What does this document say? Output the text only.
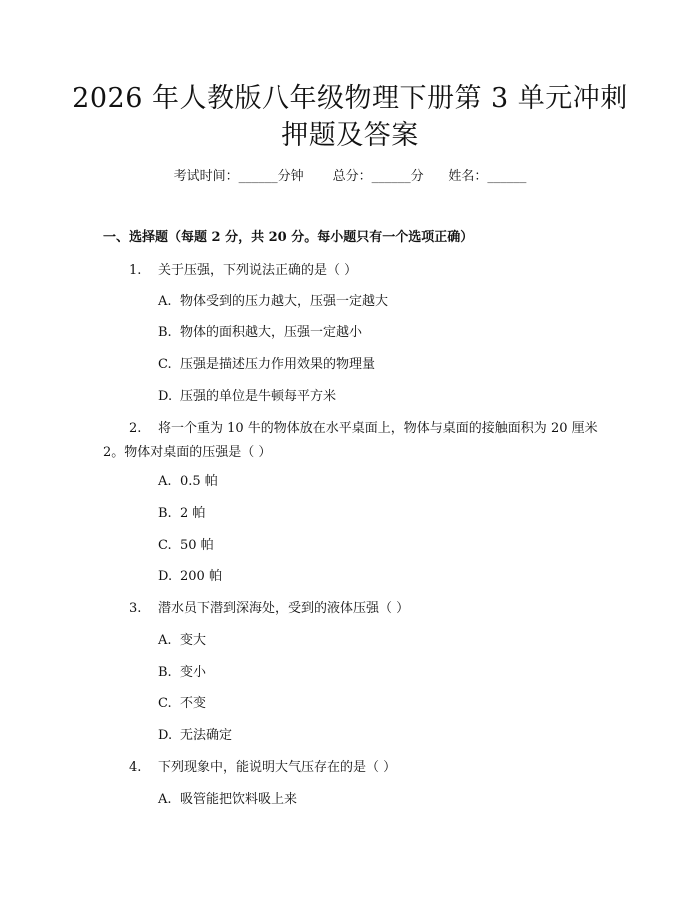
2026 年人教版八年级物理下册第 3 单元冲刺
押题及答案
考试时间：______分钟 总分：______分 姓名：______
一、选择题（每题 2 分，共 20 分。每小题只有一个选项正确）
1. 关于压强，下列说法正确的是（ ）
A. 物体受到的压力越大，压强一定越大
B. 物体的面积越大，压强一定越小
C. 压强是描述压力作用效果的物理量
D. 压强的单位是牛顿每平方米
2. 将一个重为 10 牛的物体放在水平桌面上，物体与桌面的接触面积为 20 厘米 2。物体对桌面的压强是（ ）
A. 0.5 帕
B. 2 帕
C. 50 帕
D. 200 帕
3. 潜水员下潜到深海处，受到的液体压强（ ）
A. 变大
B. 变小
C. 不变
D. 无法确定
4. 下列现象中，能说明大气压存在的是（ ）
A. 吸管能把饮料吸上来
